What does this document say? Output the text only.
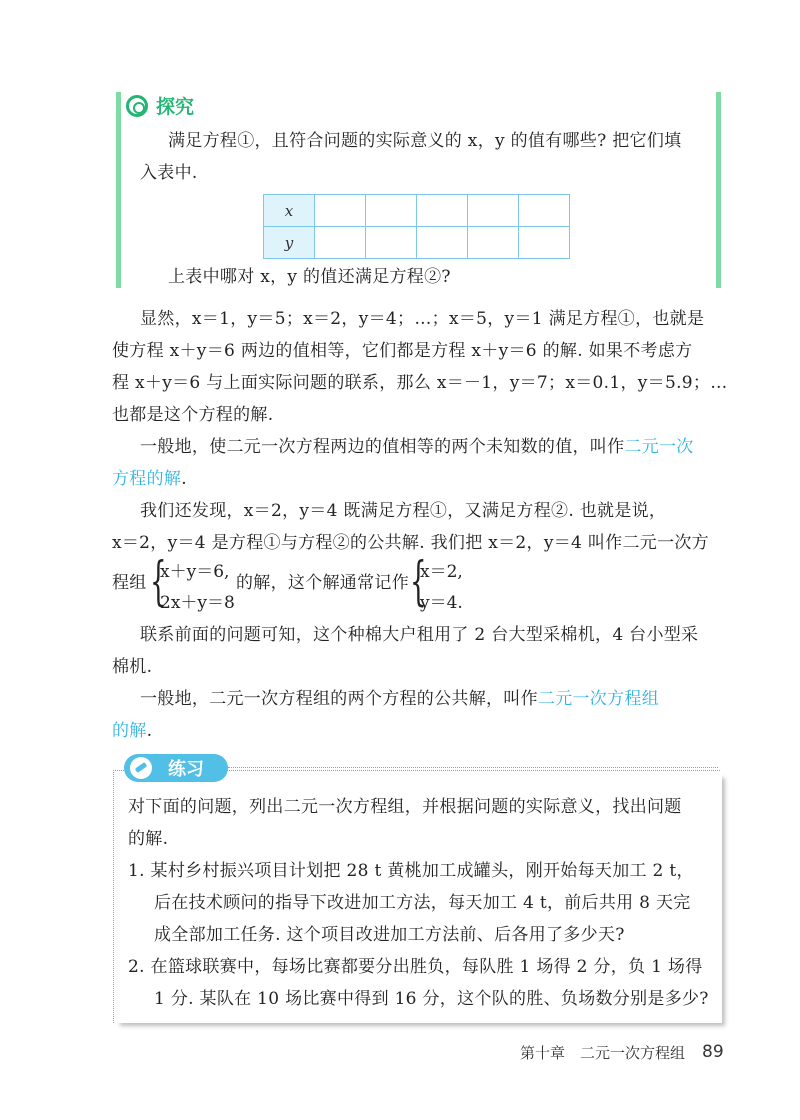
探究
满足方程①，且符合问题的实际意义的 x，y 的值有哪些? 把它们填
入表中.
x					
y					
上表中哪对 x，y 的值还满足方程②?
显然，x＝1，y＝5；x＝2，y＝4；…；x＝5，y＝1 满足方程①，也就是
使方程 x＋y＝6 两边的值相等，它们都是方程 x＋y＝6 的解. 如果不考虑方
程 x＋y＝6 与上面实际问题的联系，那么 x＝－1，y＝7；x＝0.1，y＝5.9；…
也都是这个方程的解.
一般地，使二元一次方程两边的值相等的两个未知数的值，叫作二元一次
方程的解.
我们还发现，x＝2，y＝4 既满足方程①，又满足方程②. 也就是说，
x＝2，y＝4 是方程①与方程②的公共解. 我们把 x＝2，y＝4 叫作二元一次方
程组 {
x＋y＝6,
2x＋y＝8
的解，这个解通常记作 {
x＝2,
y＝4.
联系前面的问题可知，这个种棉大户租用了 2 台大型采棉机，4 台小型采
棉机.
一般地，二元一次方程组的两个方程的公共解，叫作二元一次方程组
的解.
练习
对下面的问题，列出二元一次方程组，并根据问题的实际意义，找出问题
的解.
1. 某村乡村振兴项目计划把 28 t 黄桃加工成罐头，刚开始每天加工 2 t，
后在技术顾问的指导下改进加工方法，每天加工 4 t，前后共用 8 天完
成全部加工任务. 这个项目改进加工方法前、后各用了多少天?
2. 在篮球联赛中，每场比赛都要分出胜负，每队胜 1 场得 2 分，负 1 场得
1 分. 某队在 10 场比赛中得到 16 分，这个队的胜、负场数分别是多少?
第十章　二元一次方程组 89
